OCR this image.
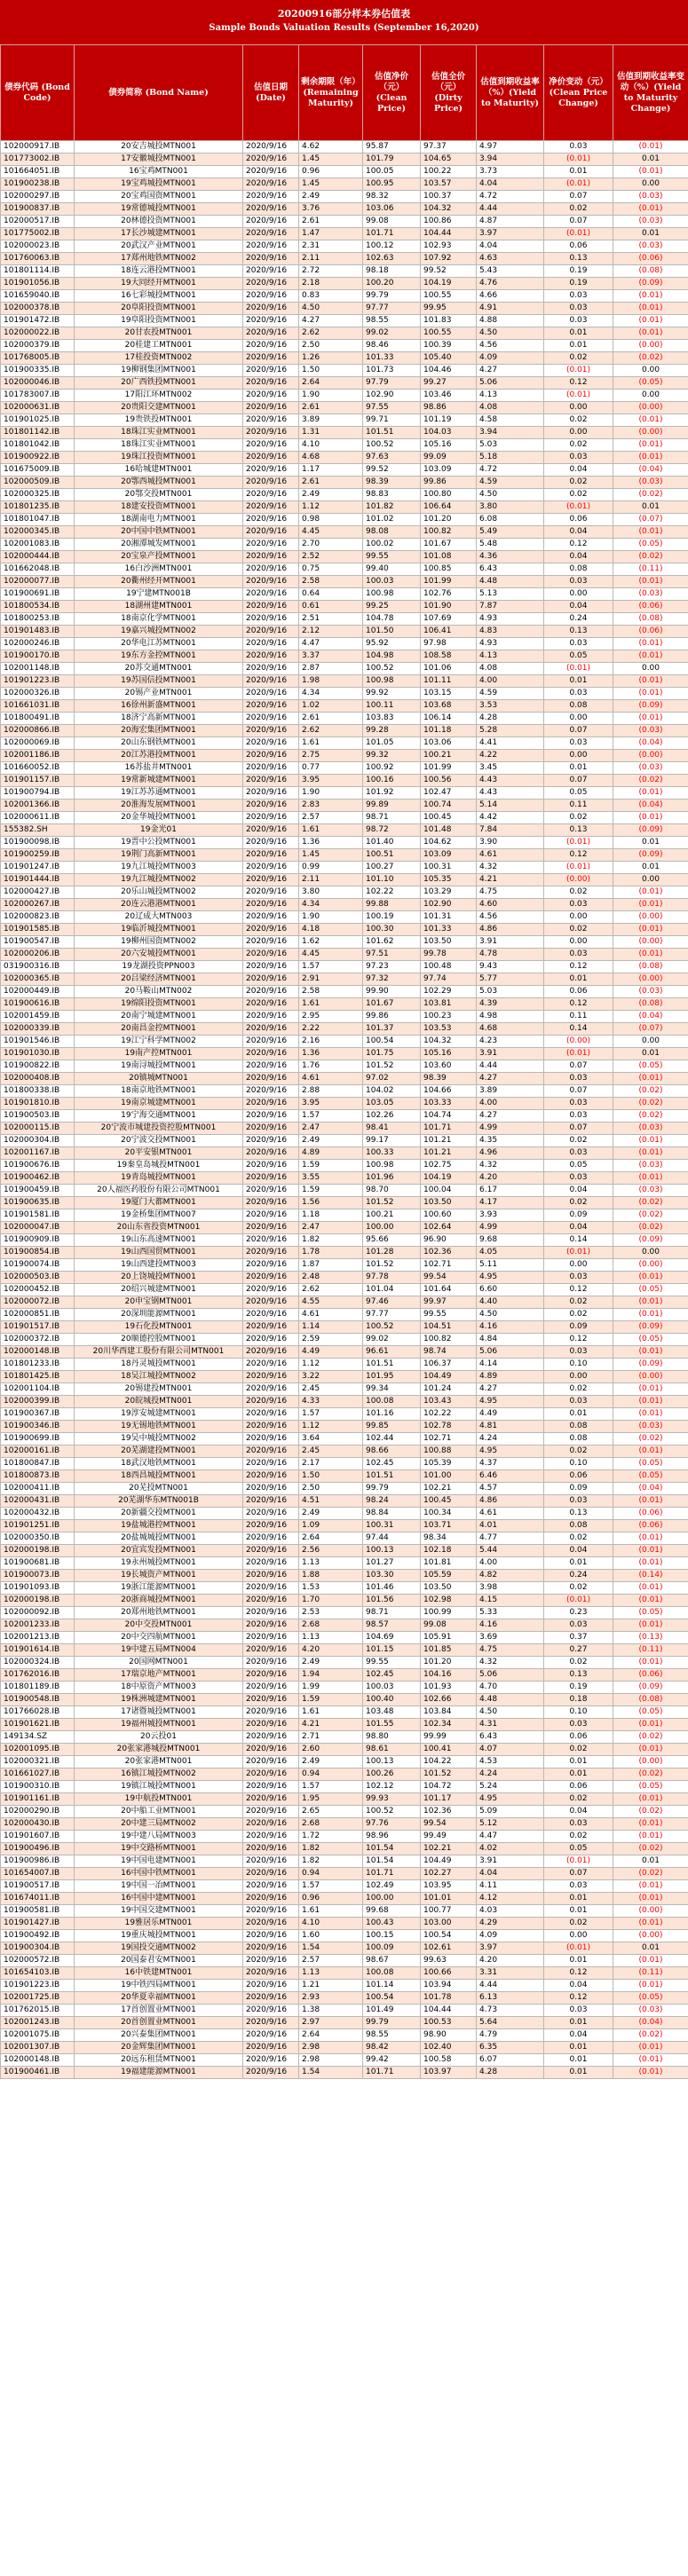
20200916部分样本券估值表
Sample Bonds Valuation Results (September 16,2020)
债券代码 (Bond Code)	债券简称 (Bond Name)	估值日期 (Date)	剩余期限（年）(Remaining Maturity)	估值净价（元）(Clean Price)	估值全价（元）(Dirty Price)	估值到期收益率（%）(Yield to Maturity)	净价变动（元）(Clean Price Change)	估值到期收益率变动（%）(Yield to Maturity Change)
102000917.IB	20安吉城投MTN001	2020/9/16	4.62	95.87	97.37	4.97	0.03	(0.01)
101773002.IB	17安徽城投MTN001	2020/9/16	1.45	101.79	104.65	3.94	(0.01)	0.01
101664051.IB	16宝鸡MTN001	2020/9/16	0.96	100.05	100.22	3.73	0.01	(0.01)
101900238.IB	19宝鸡城投MTN001	2020/9/16	1.45	100.95	103.57	4.04	(0.01)	0.00
102000297.IB	20宝鸡国资MTN001	2020/9/16	2.49	98.32	100.37	4.72	0.07	(0.03)
101900837.IB	19常德城投MTN001	2020/9/16	3.76	103.06	104.32	4.44	0.02	(0.01)
102000517.IB	20林德投资MTN001	2020/9/16	2.61	99.08	100.86	4.87	0.07	(0.03)
101775002.IB	17长沙城建MTN001	2020/9/16	1.47	101.71	104.44	3.97	(0.01)	0.01
102000023.IB	20武汉产业MTN001	2020/9/16	2.31	100.12	102.93	4.04	0.06	(0.03)
101760063.IB	17郑州地铁MTN002	2020/9/16	2.11	102.63	107.92	4.63	0.13	(0.06)
101801114.IB	18连云港投MTN001	2020/9/16	2.72	98.18	99.52	5.43	0.19	(0.08)
101901056.IB	19大同经开MTN001	2020/9/16	2.18	100.20	104.19	4.76	0.19	(0.09)
101659040.IB	16七彩城投MTN001	2020/9/16	0.83	99.79	100.55	4.66	0.03	(0.01)
102000378.IB	20阜阳投资MTN001	2020/9/16	4.50	97.77	99.95	4.91	0.03	(0.01)
101901472.IB	19阜阳投资MTN001	2020/9/16	4.27	98.55	101.83	4.88	0.03	(0.01)
102000022.IB	20甘农投MTN001	2020/9/16	2.62	99.02	100.55	4.50	0.01	(0.01)
102000379.IB	20桂建工MTN001	2020/9/16	2.50	98.46	100.39	4.56	0.01	(0.00)
101768005.IB	17桂投资MTN002	2020/9/16	1.26	101.33	105.40	4.09	0.02	(0.02)
101900335.IB	19柳钢集团MTN001	2020/9/16	1.50	101.73	104.46	4.27	(0.01)	0.00
102000046.IB	20广西铁投MTN001	2020/9/16	2.64	97.79	99.27	5.06	0.12	(0.05)
101783007.IB	17阳江环MTN002	2020/9/16	1.90	102.90	103.46	4.13	(0.01)	0.00
102000631.IB	20贵阳交建MTN001	2020/9/16	2.61	97.55	98.86	4.08	0.00	(0.00)
101901025.IB	19贵铁投MTN001	2020/9/16	3.89	99.71	101.19	4.58	0.02	(0.01)
101801142.IB	18珠江实业MTN001	2020/9/16	1.31	101.51	104.03	3.94	0.00	(0.00)
101801042.IB	18珠江实业MTN001	2020/9/16	4.10	100.52	105.16	5.03	0.02	(0.01)
101900922.IB	19珠江投资MTN001	2020/9/16	4.68	97.63	99.09	5.18	0.03	(0.01)
101675009.IB	16哈城建MTN001	2020/9/16	1.17	99.52	103.09	4.72	0.04	(0.04)
102000509.IB	20鄂西城投MTN001	2020/9/16	2.61	98.39	99.86	4.59	0.02	(0.03)
102000325.IB	20鄂交投MTN001	2020/9/16	2.49	98.83	100.80	4.50	0.02	(0.02)
101801235.IB	18建安投资MTN001	2020/9/16	1.12	101.82	106.64	3.80	(0.01)	0.01
101801047.IB	18湖南电力MTN001	2020/9/16	0.98	101.02	101.20	6.08	0.06	(0.07)
102000345.IB	20中国中铁MTN001	2020/9/16	4.45	98.08	100.82	5.49	0.04	(0.01)
102001083.IB	20湘潭城发MTN001	2020/9/16	2.70	100.02	101.67	5.48	0.12	(0.05)
102000444.IB	20宝泉产投MTN001	2020/9/16	2.52	99.55	101.08	4.36	0.04	(0.02)
101662048.IB	16白沙洲MTN001	2020/9/16	0.75	99.40	100.85	6.43	0.08	(0.11)
102000077.IB	20衢州经开MTN001	2020/9/16	2.58	100.03	101.99	4.48	0.03	(0.01)
101900691.IB	19宁建MTN001B	2020/9/16	0.64	100.98	102.76	5.13	0.00	(0.03)
101800534.IB	18湖州建MTN001	2020/9/16	0.61	99.25	101.90	7.87	0.04	(0.06)
101800253.IB	18南京化学MTN001	2020/9/16	2.51	104.78	107.69	4.93	0.24	(0.08)
101901483.IB	19嘉兴城投MTN002	2020/9/16	2.12	101.50	106.41	4.83	0.13	(0.06)
102000246.IB	20华电江苏MTN001	2020/9/16	4.47	95.92	97.98	4.93	0.03	(0.01)
101900170.IB	19东方金控MTN001	2020/9/16	3.37	104.98	108.58	4.13	0.05	(0.01)
102001148.IB	20苏交通MTN001	2020/9/16	2.87	100.52	101.06	4.08	(0.01)	0.00
101901223.IB	19苏国信投MTN001	2020/9/16	1.98	100.98	101.11	4.00	0.01	(0.01)
102000326.IB	20锡产业MTN001	2020/9/16	4.34	99.92	103.15	4.59	0.03	(0.01)
101661031.IB	16徐州新盛MTN001	2020/9/16	1.02	100.11	103.68	3.53	0.08	(0.09)
101800491.IB	18济宁高新MTN001	2020/9/16	2.61	103.83	106.14	4.28	0.00	(0.01)
102000866.IB	20海宏集团MTN001	2020/9/16	2.62	99.28	101.18	5.28	0.07	(0.03)
102000069.IB	20山东钢铁MTN001	2020/9/16	1.61	101.05	103.06	4.41	0.03	(0.04)
102001186.IB	20江苏港投MTN001	2020/9/16	2.75	99.32	100.21	4.22	0.00	(0.00)
101660052.IB	16苏盐井MTN001	2020/9/16	0.77	100.92	101.99	3.45	0.01	(0.03)
101901157.IB	19常新城建MTN001	2020/9/16	3.95	100.16	100.56	4.43	0.07	(0.02)
101900794.IB	19江苏苏通MTN001	2020/9/16	1.90	101.92	102.47	4.43	0.05	(0.01)
102001366.IB	20淮海发展MTN001	2020/9/16	2.83	99.89	100.74	5.14	0.11	(0.04)
102000611.IB	20金华城投MTN001	2020/9/16	2.57	98.71	100.45	4.42	0.02	(0.01)
155382.SH	19金光01	2020/9/16	1.61	98.72	101.48	7.84	0.13	(0.09)
101900098.IB	19晋中公投MTN001	2020/9/16	1.36	101.40	104.62	3.90	(0.01)	0.01
101900259.IB	19荆门高新MTN001	2020/9/16	1.45	100.51	103.09	4.61	0.12	(0.09)
101901247.IB	19九江城投MTN003	2020/9/16	0.99	100.27	100.31	4.32	(0.01)	0.01
101901444.IB	19九江城投MTN002	2020/9/16	2.11	101.10	105.35	4.21	(0.00)	0.00
102000427.IB	20乐山城投MTN002	2020/9/16	3.80	102.22	103.29	4.75	0.02	(0.01)
102000267.IB	20连云港港MTN001	2020/9/16	4.34	99.88	102.90	4.60	0.03	(0.01)
102000823.IB	20辽成大MTN003	2020/9/16	1.90	100.19	101.31	4.56	0.00	(0.00)
101901585.IB	19临沂城投MTN001	2020/9/16	4.18	100.30	101.33	4.86	0.02	(0.01)
101900547.IB	19柳州国资MTN002	2020/9/16	1.62	101.62	103.50	3.91	0.00	(0.00)
102000206.IB	20六安城投MTN001	2020/9/16	4.45	97.51	99.78	4.78	0.03	(0.01)
031900316.IB	19龙湖投资PPN003	2020/9/16	1.57	97.23	100.48	9.43	0.12	(0.08)
102000365.IB	20吕梁经济MTN001	2020/9/16	2.91	97.32	97.74	5.77	0.01	(0.00)
102000449.IB	20马鞍山MTN002	2020/9/16	2.58	99.90	102.29	5.03	0.06	(0.03)
101900616.IB	19绵阳投资MTN001	2020/9/16	1.61	101.67	103.81	4.39	0.12	(0.08)
102001459.IB	20南宁城建MTN001	2020/9/16	2.95	99.86	100.23	4.98	0.11	(0.04)
102000339.IB	20南昌金控MTN001	2020/9/16	2.22	101.37	103.53	4.68	0.14	(0.07)
101901546.IB	19江宁科学MTN002	2020/9/16	2.16	100.54	104.32	4.23	(0.00)	0.00
101901030.IB	19南产控MTN001	2020/9/16	1.36	101.75	105.16	3.91	(0.01)	0.01
101900822.IB	19南浔城投MTN001	2020/9/16	1.76	101.52	103.60	4.44	0.07	(0.05)
102000408.IB	20镇城MTN001	2020/9/16	4.61	97.02	98.39	4.27	0.03	(0.01)
101800338.IB	18南京地铁MTN001	2020/9/16	2.88	104.02	104.66	3.89	0.07	(0.02)
101901810.IB	19南京城建MTN001	2020/9/16	3.95	103.05	103.33	4.00	0.03	(0.02)
101900503.IB	19宁海交通MTN001	2020/9/16	1.57	102.26	104.74	4.27	0.03	(0.02)
102000115.IB	20宁波市城建投资控股MTN001	2020/9/16	2.47	98.41	101.71	4.99	0.07	(0.03)
102000304.IB	20宁波交投MTN001	2020/9/16	2.49	99.17	101.21	4.35	0.02	(0.01)
102001167.IB	20平安银MTN001	2020/9/16	4.89	100.33	101.21	4.96	0.03	(0.01)
101900676.IB	19秦皇岛城投MTN001	2020/9/16	1.59	100.98	102.75	4.32	0.05	(0.03)
101900462.IB	19青岛城投MTN001	2020/9/16	3.55	101.96	104.19	4.20	0.03	(0.01)
101900459.IB	20人福医药股份有限公司MTN001	2020/9/16	1.59	98.70	100.04	6.17	0.04	(0.03)
101900635.IB	19厦门大都MTN001	2020/9/16	1.56	101.52	103.50	4.17	0.02	(0.02)
101901581.IB	19金桥集团MTN007	2020/9/16	1.18	100.21	100.60	3.93	0.09	(0.02)
102000047.IB	20山东省投资MTN001	2020/9/16	2.47	100.00	102.64	4.99	0.04	(0.02)
101900909.IB	19山东高速MTN001	2020/9/16	1.82	95.66	96.90	9.68	0.14	(0.09)
101900854.IB	19山西国贸MTN001	2020/9/16	1.78	101.28	102.36	4.05	(0.01)	0.00
101900074.IB	19山西建投MTN003	2020/9/16	1.87	101.52	102.71	5.11	0.00	(0.00)
102000503.IB	20上饶城投MTN001	2020/9/16	2.48	97.78	99.54	4.95	0.03	(0.01)
102000452.IB	20绍兴城建MTN001	2020/9/16	2.62	101.04	101.64	6.60	0.12	(0.05)
102000072.IB	20申宝钢MTN001	2020/9/16	4.55	97.46	99.97	4.40	0.02	(0.01)
102000851.IB	20深圳能源MTN001	2020/9/16	4.61	97.77	99.55	4.50	0.02	(0.01)
101901517.IB	19石化投MTN001	2020/9/16	1.14	100.52	104.51	4.16	0.09	(0.09)
102000372.IB	20顺德控股MTN001	2020/9/16	2.59	99.02	100.82	4.84	0.12	(0.05)
102000148.IB	20川华西建工股份有限公司MTN001	2020/9/16	4.49	96.61	98.74	5.06	0.03	(0.01)
101801233.IB	18丹灵城投MTN001	2020/9/16	1.12	101.51	106.37	4.14	0.10	(0.09)
101801425.IB	18吴江城投MTN002	2020/9/16	3.22	101.95	104.49	4.89	0.00	(0.00)
102001104.IB	20锡建投MTN001	2020/9/16	2.45	99.34	101.24	4.27	0.02	(0.01)
102000399.IB	20皖城投MTN001	2020/9/16	4.33	100.08	103.43	4.95	0.03	(0.01)
101900367.IB	19淳安城建MTN001	2020/9/16	1.57	101.16	102.22	4.49	0.01	(0.01)
101900346.IB	19无锡地铁MTN001	2020/9/16	1.12	99.85	102.78	4.81	0.08	(0.03)
101900699.IB	19吴中城投MTN002	2020/9/16	3.64	102.44	102.71	4.24	0.08	(0.02)
102000161.IB	20芜湖建投MTN001	2020/9/16	2.45	98.66	100.88	4.95	0.02	(0.01)
101800847.IB	18武汉地铁MTN001	2020/9/16	2.17	102.45	105.39	4.37	0.10	(0.05)
101800873.IB	18西昌城投MTN001	2020/9/16	1.50	101.51	101.00	6.46	0.06	(0.05)
102000411.IB	20芜投MTN001	2020/9/16	2.50	99.79	102.21	4.57	0.09	(0.04)
102000431.IB	20芜湖华东MTN001B	2020/9/16	4.51	98.24	100.45	4.86	0.03	(0.01)
102000432.IB	20新疆交投MTN001	2020/9/16	2.49	98.84	100.34	4.61	0.13	(0.06)
101901251.IB	19盐城港控MTN001	2020/9/16	1.09	100.31	103.71	4.01	0.08	(0.06)
102000350.IB	20盐城城投MTN001	2020/9/16	2.64	97.44	98.34	4.77	0.02	(0.01)
102000198.IB	20宜宾发投MTN001	2020/9/16	2.56	100.13	102.18	5.44	0.04	(0.01)
101900681.IB	19永州城投MTN001	2020/9/16	1.13	101.27	101.81	4.00	0.01	(0.01)
101900073.IB	19长城资产MTN001	2020/9/16	1.88	103.30	105.59	4.82	0.24	(0.14)
101901093.IB	19浙江能源MTN001	2020/9/16	1.53	101.46	103.50	3.98	0.02	(0.01)
102000198.IB	20浙商城投MTN001	2020/9/16	1.70	101.56	102.98	4.15	(0.01)	(0.01)
102000092.IB	20郑州地铁MTN001	2020/9/16	2.53	98.71	100.99	5.33	0.23	(0.05)
102001233.IB	20中交投MTN001	2020/9/16	2.68	98.57	99.08	4.16	0.03	(0.01)
102001213.IB	20中交四航MTN001	2020/9/16	1.13	104.69	105.91	3.69	0.37	(0.13)
101901614.IB	19中建五局MTN004	2020/9/16	4.20	101.15	101.85	4.75	0.27	(0.11)
102000324.IB	20国网MTN001	2020/9/16	2.49	99.55	101.20	4.32	0.02	(0.01)
101762016.IB	17瑞京地产MTN001	2020/9/16	1.94	102.45	104.16	5.06	0.13	(0.06)
101801189.IB	18中原资产MTN003	2020/9/16	1.99	100.03	101.93	4.70	0.19	(0.09)
101900548.IB	19株洲城建MTN001	2020/9/16	1.59	100.40	102.66	4.48	0.18	(0.08)
101766028.IB	17诸暨城投MTN001	2020/9/16	1.61	103.48	103.84	4.50	0.10	(0.05)
101901621.IB	19福州城投MTN001	2020/9/16	4.21	101.55	102.34	4.31	0.03	(0.01)
149134.SZ	20云投01	2020/9/16	2.71	98.80	99.99	6.43	0.06	(0.02)
102001095.IB	20张家港城投MTN001	2020/9/16	2.60	98.61	100.41	4.07	0.02	(0.01)
102000321.IB	20张家港MTN001	2020/9/16	2.49	100.13	104.22	4.53	0.01	(0.00)
101661027.IB	16镇江城投MTN002	2020/9/16	0.94	100.26	101.52	4.24	0.01	(0.02)
101900310.IB	19镇江城投MTN001	2020/9/16	1.57	102.12	104.72	5.24	0.06	(0.05)
101901161.IB	19中航投MTN001	2020/9/16	1.95	99.93	101.17	4.95	0.02	(0.01)
102000290.IB	20中船工业MTN001	2020/9/16	2.65	100.52	102.36	5.09	0.04	(0.02)
102000430.IB	20中建三局MTN002	2020/9/16	2.68	97.76	99.54	5.12	0.03	(0.01)
101901607.IB	19中建八局MTN003	2020/9/16	1.72	98.96	99.49	4.47	0.02	(0.01)
101900496.IB	19中交路桥MTN001	2020/9/16	1.82	101.54	102.21	4.02	0.05	(0.02)
101900986.IB	19中国电建MTN001	2020/9/16	1.82	101.54	104.49	3.91	(0.01)	0.01
101654007.IB	16中国中铁MTN001	2020/9/16	0.94	101.71	102.27	4.04	0.07	(0.02)
101900517.IB	19中国一冶MTN001	2020/9/16	1.57	102.49	103.95	4.11	0.03	(0.01)
101674011.IB	16中国中建MTN001	2020/9/16	0.96	100.00	101.01	4.12	0.01	(0.01)
101900581.IB	19中国交建MTN001	2020/9/16	1.61	99.68	100.77	4.03	0.01	(0.00)
101901427.IB	19雅居乐MTN001	2020/9/16	4.10	100.43	103.00	4.29	0.02	(0.01)
101900492.IB	19重庆城投MTN001	2020/9/16	1.60	100.15	100.54	4.09	0.00	(0.00)
101900304.IB	19国投交通MTN002	2020/9/16	1.54	100.09	102.61	3.97	(0.01)	0.01
102000572.IB	20国泰君安MTN001	2020/9/16	2.57	98.67	99.63	4.20	0.01	(0.01)
101654103.IB	16中铁建MTN001	2020/9/16	1.13	100.08	100.66	3.31	0.12	(0.11)
101901223.IB	19中铁四局MTN001	2020/9/16	1.21	101.14	103.94	4.44	0.04	(0.01)
102001725.IB	20华夏幸福MTN001	2020/9/16	2.93	100.54	101.78	6.13	0.12	(0.05)
101762015.IB	17首创置业MTN001	2020/9/16	1.38	101.49	104.44	4.73	0.03	(0.03)
102001243.IB	20首创置业MTN001	2020/9/16	2.97	99.79	100.53	5.64	0.01	(0.04)
102001075.IB	20兴泰集团MTN001	2020/9/16	2.64	98.55	98.90	4.79	0.04	(0.02)
102001307.IB	20金辉集团MTN001	2020/9/16	2.98	98.42	102.40	6.35	0.01	(0.01)
102000148.IB	20远东租赁MTN001	2020/9/16	2.98	99.42	100.58	6.07	0.01	(0.01)
101900461.IB	19福建能源MTN001	2020/9/16	1.54	101.71	103.97	4.28	0.01	(0.01)
